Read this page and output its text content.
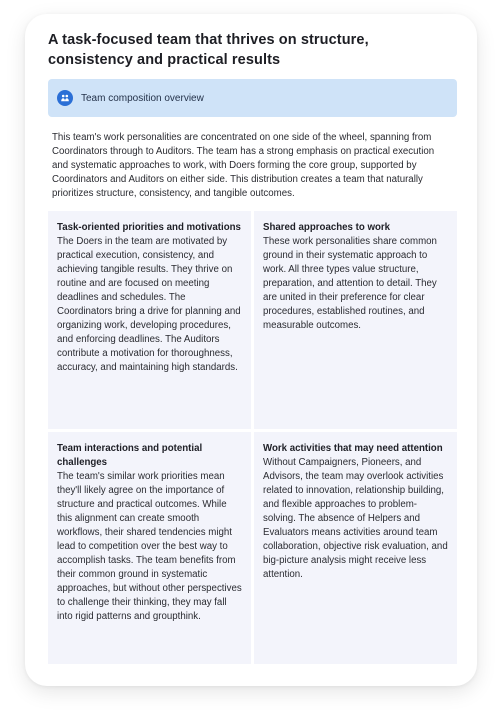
A task-focused team that thrives on structure, consistency and practical results
Team composition overview

This team's work personalities are concentrated on one side of the wheel, spanning from Coordinators through to Auditors. The team has a strong emphasis on practical execution and systematic approaches to work, with Doers forming the core group, supported by Coordinators and Auditors on either side. This distribution creates a team that naturally prioritizes structure, consistency, and tangible outcomes.

Task-oriented priorities and motivations

The Doers in the team are motivated by practical execution, consistency, and achieving tangible results. They thrive on routine and are focused on meeting deadlines and schedules. The Coordinators bring a drive for planning and organizing work, developing procedures, and enforcing deadlines. The Auditors contribute a motivation for thoroughness, accuracy, and maintaining high standards.

Shared approaches to work

These work personalities share common ground in their systematic approach to work. All three types value structure, preparation, and attention to detail. They are united in their preference for clear procedures, established routines, and measurable outcomes.

Team interactions and potential challenges

The team's similar work priorities mean they'll likely agree on the importance of structure and practical outcomes. While this alignment can create smooth workflows, their shared tendencies might lead to competition over the best way to accomplish tasks. The team benefits from their common ground in systematic approaches, but without other perspectives to challenge their thinking, they may fall into rigid patterns and groupthink.

Work activities that may need attention

Without Campaigners, Pioneers, and Advisors, the team may overlook activities related to innovation, relationship building, and flexible approaches to problem-solving. The absence of Helpers and Evaluators means activities around team collaboration, objective risk evaluation, and big-picture analysis might receive less attention.
